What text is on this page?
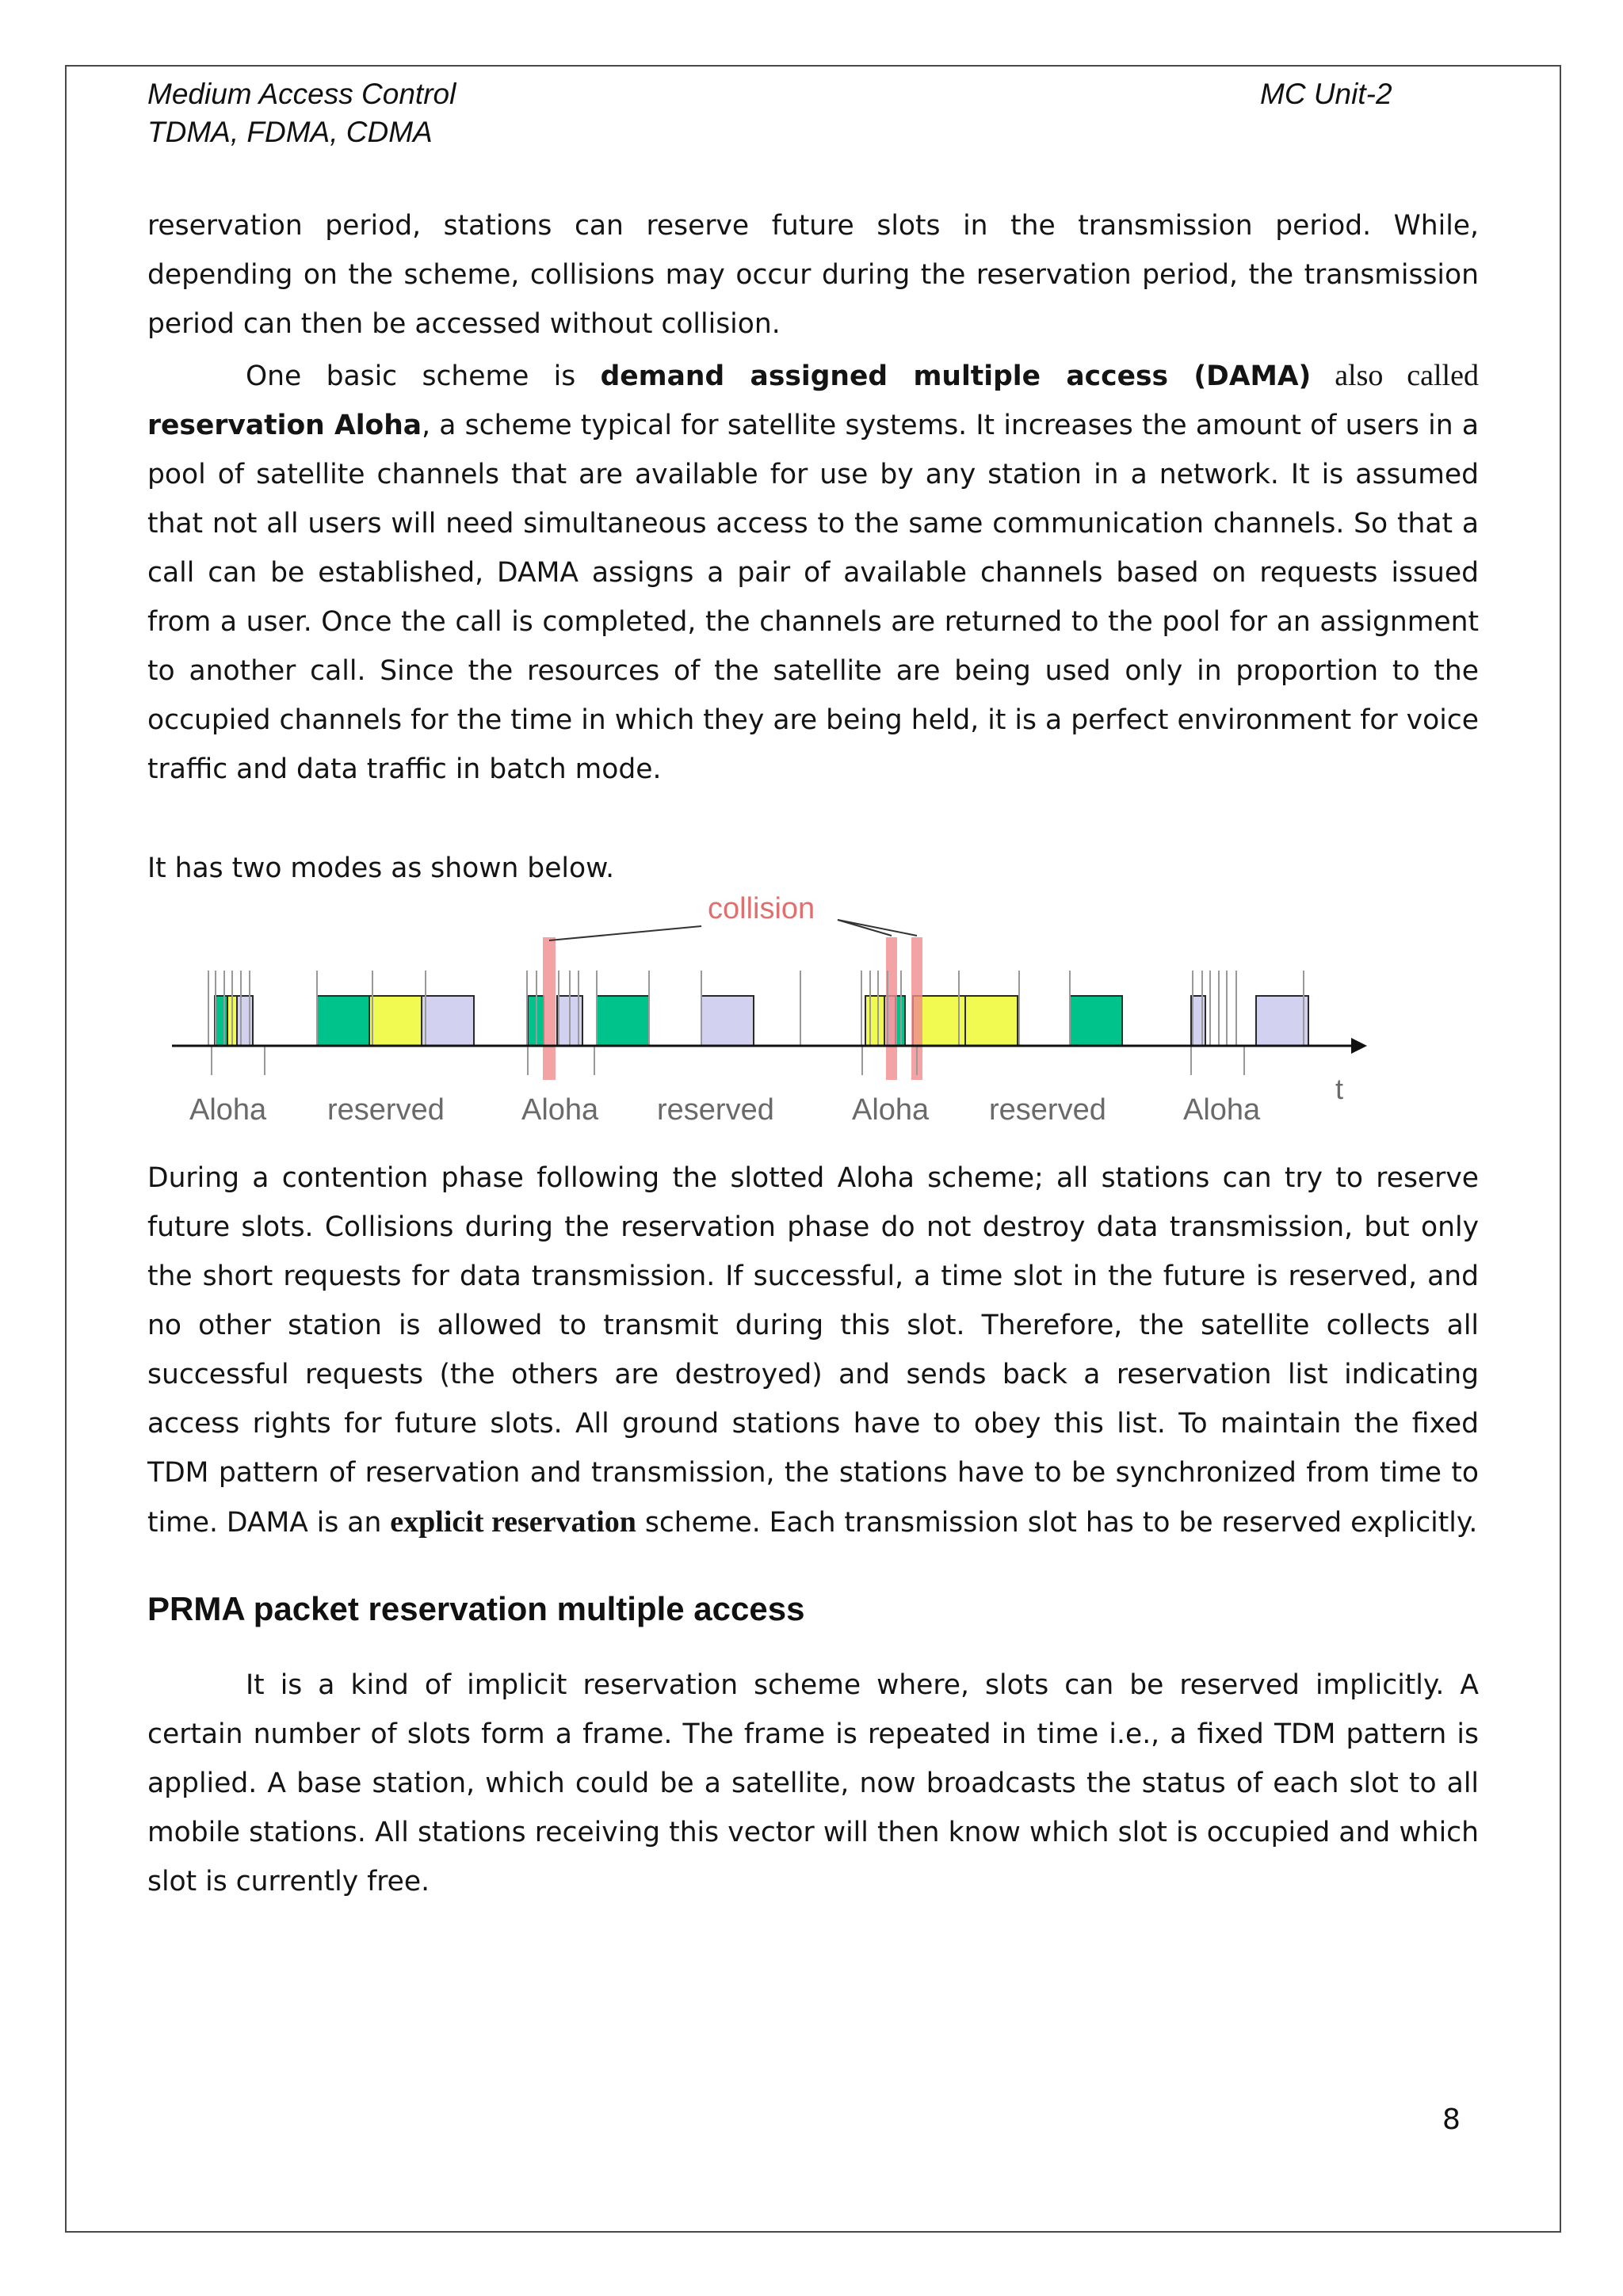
Medium Access Control

TDMA, FDMA, CDMA

MC Unit-2

reservation period, stations can reserve future slots in the transmission period. While, depending on the scheme, collisions may occur during the reservation period, the transmission period can then be accessed without collision.

One basic scheme is demand assigned multiple access (DAMA) also called reservation Aloha, a scheme typical for satellite systems. It increases the amount of users in a pool of satellite channels that are available for use by any station in a network. It is assumed that not all users will need simultaneous access to the same communication channels. So that a call can be established, DAMA assigns a pair of available channels based on requests issued from a user. Once the call is completed, the channels are returned to the pool for an assignment to another call. Since the resources of the satellite are being used only in proportion to the occupied channels for the time in which they are being held, it is a perfect environment for voice traffic and data traffic in batch mode.

It has two modes as shown below.

collision
t
Aloha reserved	Aloha reserved	Aloha reserved	Aloha

During a contention phase following the slotted Aloha scheme; all stations can try to reserve future slots. Collisions during the reservation phase do not destroy data transmission, but only the short requests for data transmission. If successful, a time slot in the future is reserved, and no other station is allowed to transmit during this slot. Therefore, the satellite collects all successful requests (the others are destroyed) and sends back a reservation list indicating access rights for future slots. All ground stations have to obey this list. To maintain the fixed TDM pattern of reservation and transmission, the stations have to be synchronized from time to time. DAMA is an explicit reservation scheme. Each transmission slot has to be reserved explicitly.

PRMA packet reservation multiple access

It is a kind of implicit reservation scheme where, slots can be reserved implicitly. A certain number of slots form a frame. The frame is repeated in time i.e., a fixed TDM pattern is applied. A base station, which could be a satellite, now broadcasts the status of each slot to all mobile stations. All stations receiving this vector will then know which slot is occupied and which slot is currently free.

8
